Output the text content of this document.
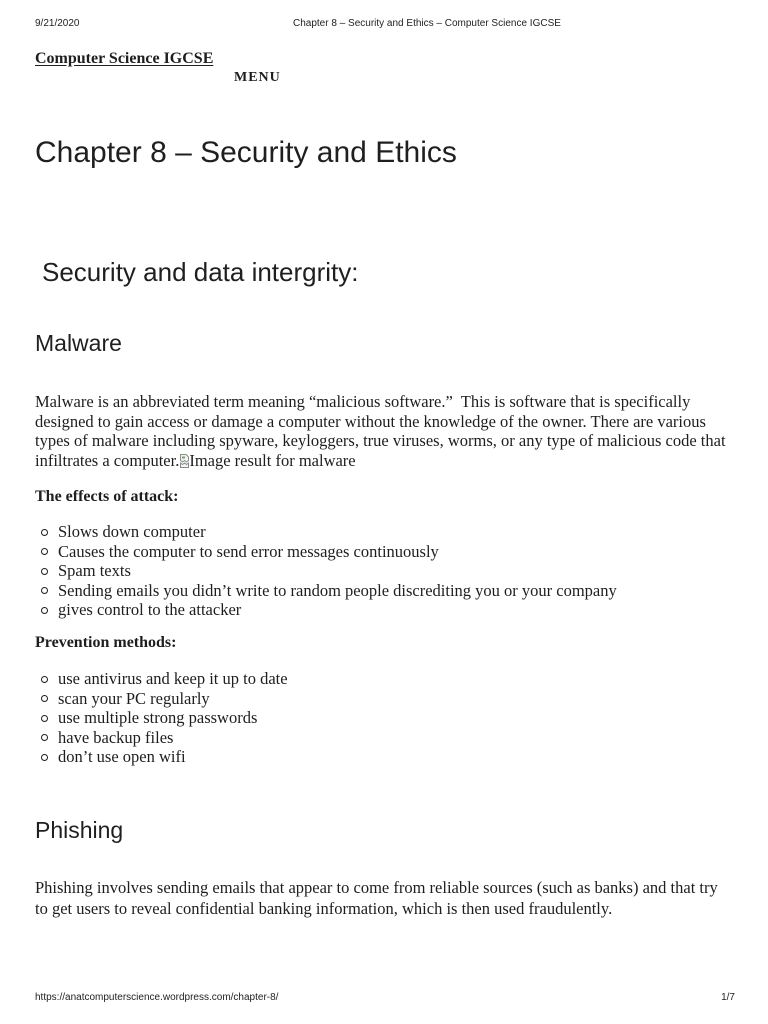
9/21/2020	Chapter 8 – Security and Ethics – Computer Science IGCSE
Computer Science IGCSE
MENU
Chapter 8 – Security and Ethics
Security and data intergrity:
Malware
Malware is an abbreviated term meaning “malicious software.”  This is software that is specifically
designed to gain access or damage a computer without the knowledge of the owner. There are various
types of malware including spyware, keyloggers, true viruses, worms, or any type of malicious code that
infiltrates a computer. Image result for malware
The effects of attack:
Slows down computer
Causes the computer to send error messages continuously
Spam texts
Sending emails you didn’t write to random people discrediting you or your company
gives control to the attacker
Prevention methods:
use antivirus and keep it up to date
scan your PC regularly
use multiple strong passwords
have backup files
don’t use open wifi
Phishing
Phishing involves sending emails that appear to come from reliable sources (such as banks) and that try
to get users to reveal confidential banking information, which is then used fraudulently.
https://anatcomputerscience.wordpress.com/chapter-8/	1/7
